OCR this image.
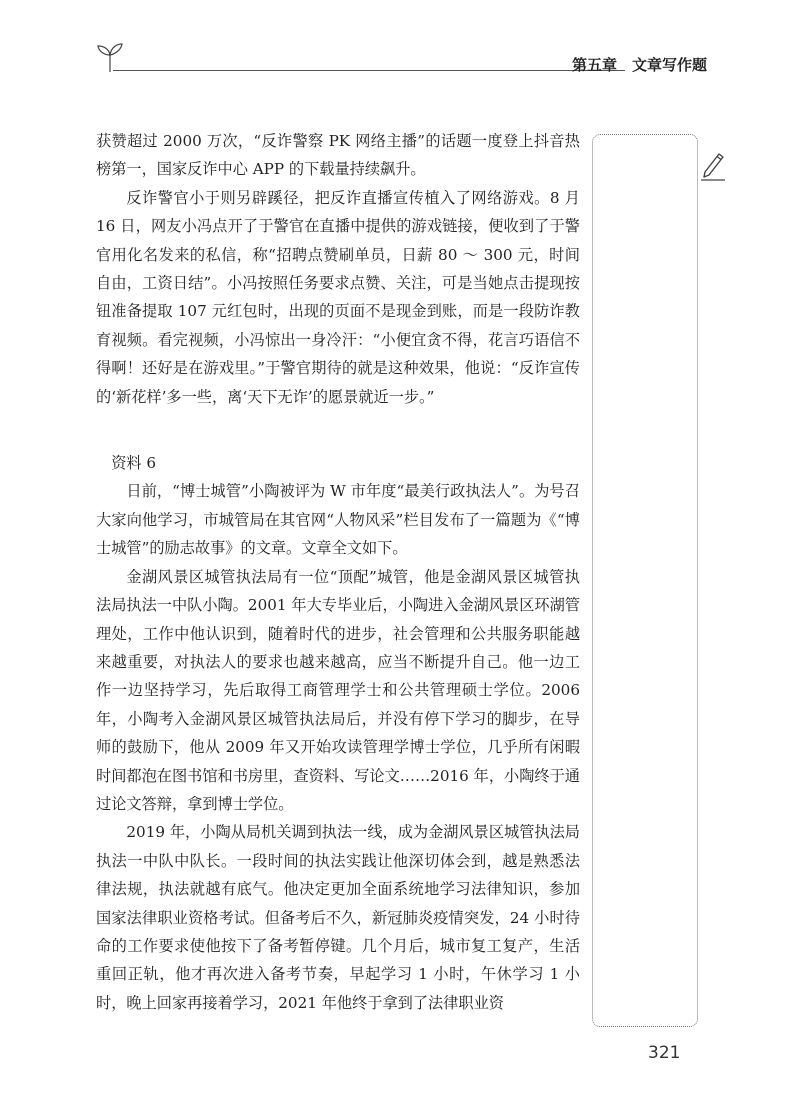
第五章　文章写作题

获赞超过 2000 万次，“反诈警察 PK 网络主播”的话题一度登上抖音热榜第一，国家反诈中心 APP 的下载量持续飙升。

反诈警官小于则另辟蹊径，把反诈直播宣传植入了网络游戏。8 月 16 日，网友小冯点开了于警官在直播中提供的游戏链接，便收到了于警官用化名发来的私信，称“招聘点赞刷单员，日薪 80 ～ 300 元，时间自由，工资日结”。小冯按照任务要求点赞、关注，可是当她点击提现按钮准备提取 107 元红包时，出现的页面不是现金到账，而是一段防诈教育视频。看完视频，小冯惊出一身冷汗：“小便宜贪不得，花言巧语信不得啊！还好是在游戏里。”于警官期待的就是这种效果，他说：“反诈宣传的‘新花样’多一些，离‘天下无诈’的愿景就近一步。”

资料 6

日前，“博士城管”小陶被评为 W 市年度“最美行政执法人”。为号召大家向他学习，市城管局在其官网“人物风采”栏目发布了一篇题为《“博士城管”的励志故事》的文章。文章全文如下。

金湖风景区城管执法局有一位“顶配”城管，他是金湖风景区城管执法局执法一中队小陶。2001 年大专毕业后，小陶进入金湖风景区环湖管理处，工作中他认识到，随着时代的进步，社会管理和公共服务职能越来越重要，对执法人的要求也越来越高，应当不断提升自己。他一边工作一边坚持学习，先后取得工商管理学士和公共管理硕士学位。2006 年，小陶考入金湖风景区城管执法局后，并没有停下学习的脚步，在导师的鼓励下，他从 2009 年又开始攻读管理学博士学位，几乎所有闲暇时间都泡在图书馆和书房里，查资料、写论文……2016 年，小陶终于通过论文答辩，拿到博士学位。

2019 年，小陶从局机关调到执法一线，成为金湖风景区城管执法局执法一中队中队长。一段时间的执法实践让他深切体会到，越是熟悉法律法规，执法就越有底气。他决定更加全面系统地学习法律知识，参加国家法律职业资格考试。但备考后不久，新冠肺炎疫情突发，24 小时待命的工作要求使他按下了备考暂停键。几个月后，城市复工复产，生活重回正轨，他才再次进入备考节奏，早起学习 1 小时，午休学习 1 小时，晚上回家再接着学习，2021 年他终于拿到了法律职业资

321
